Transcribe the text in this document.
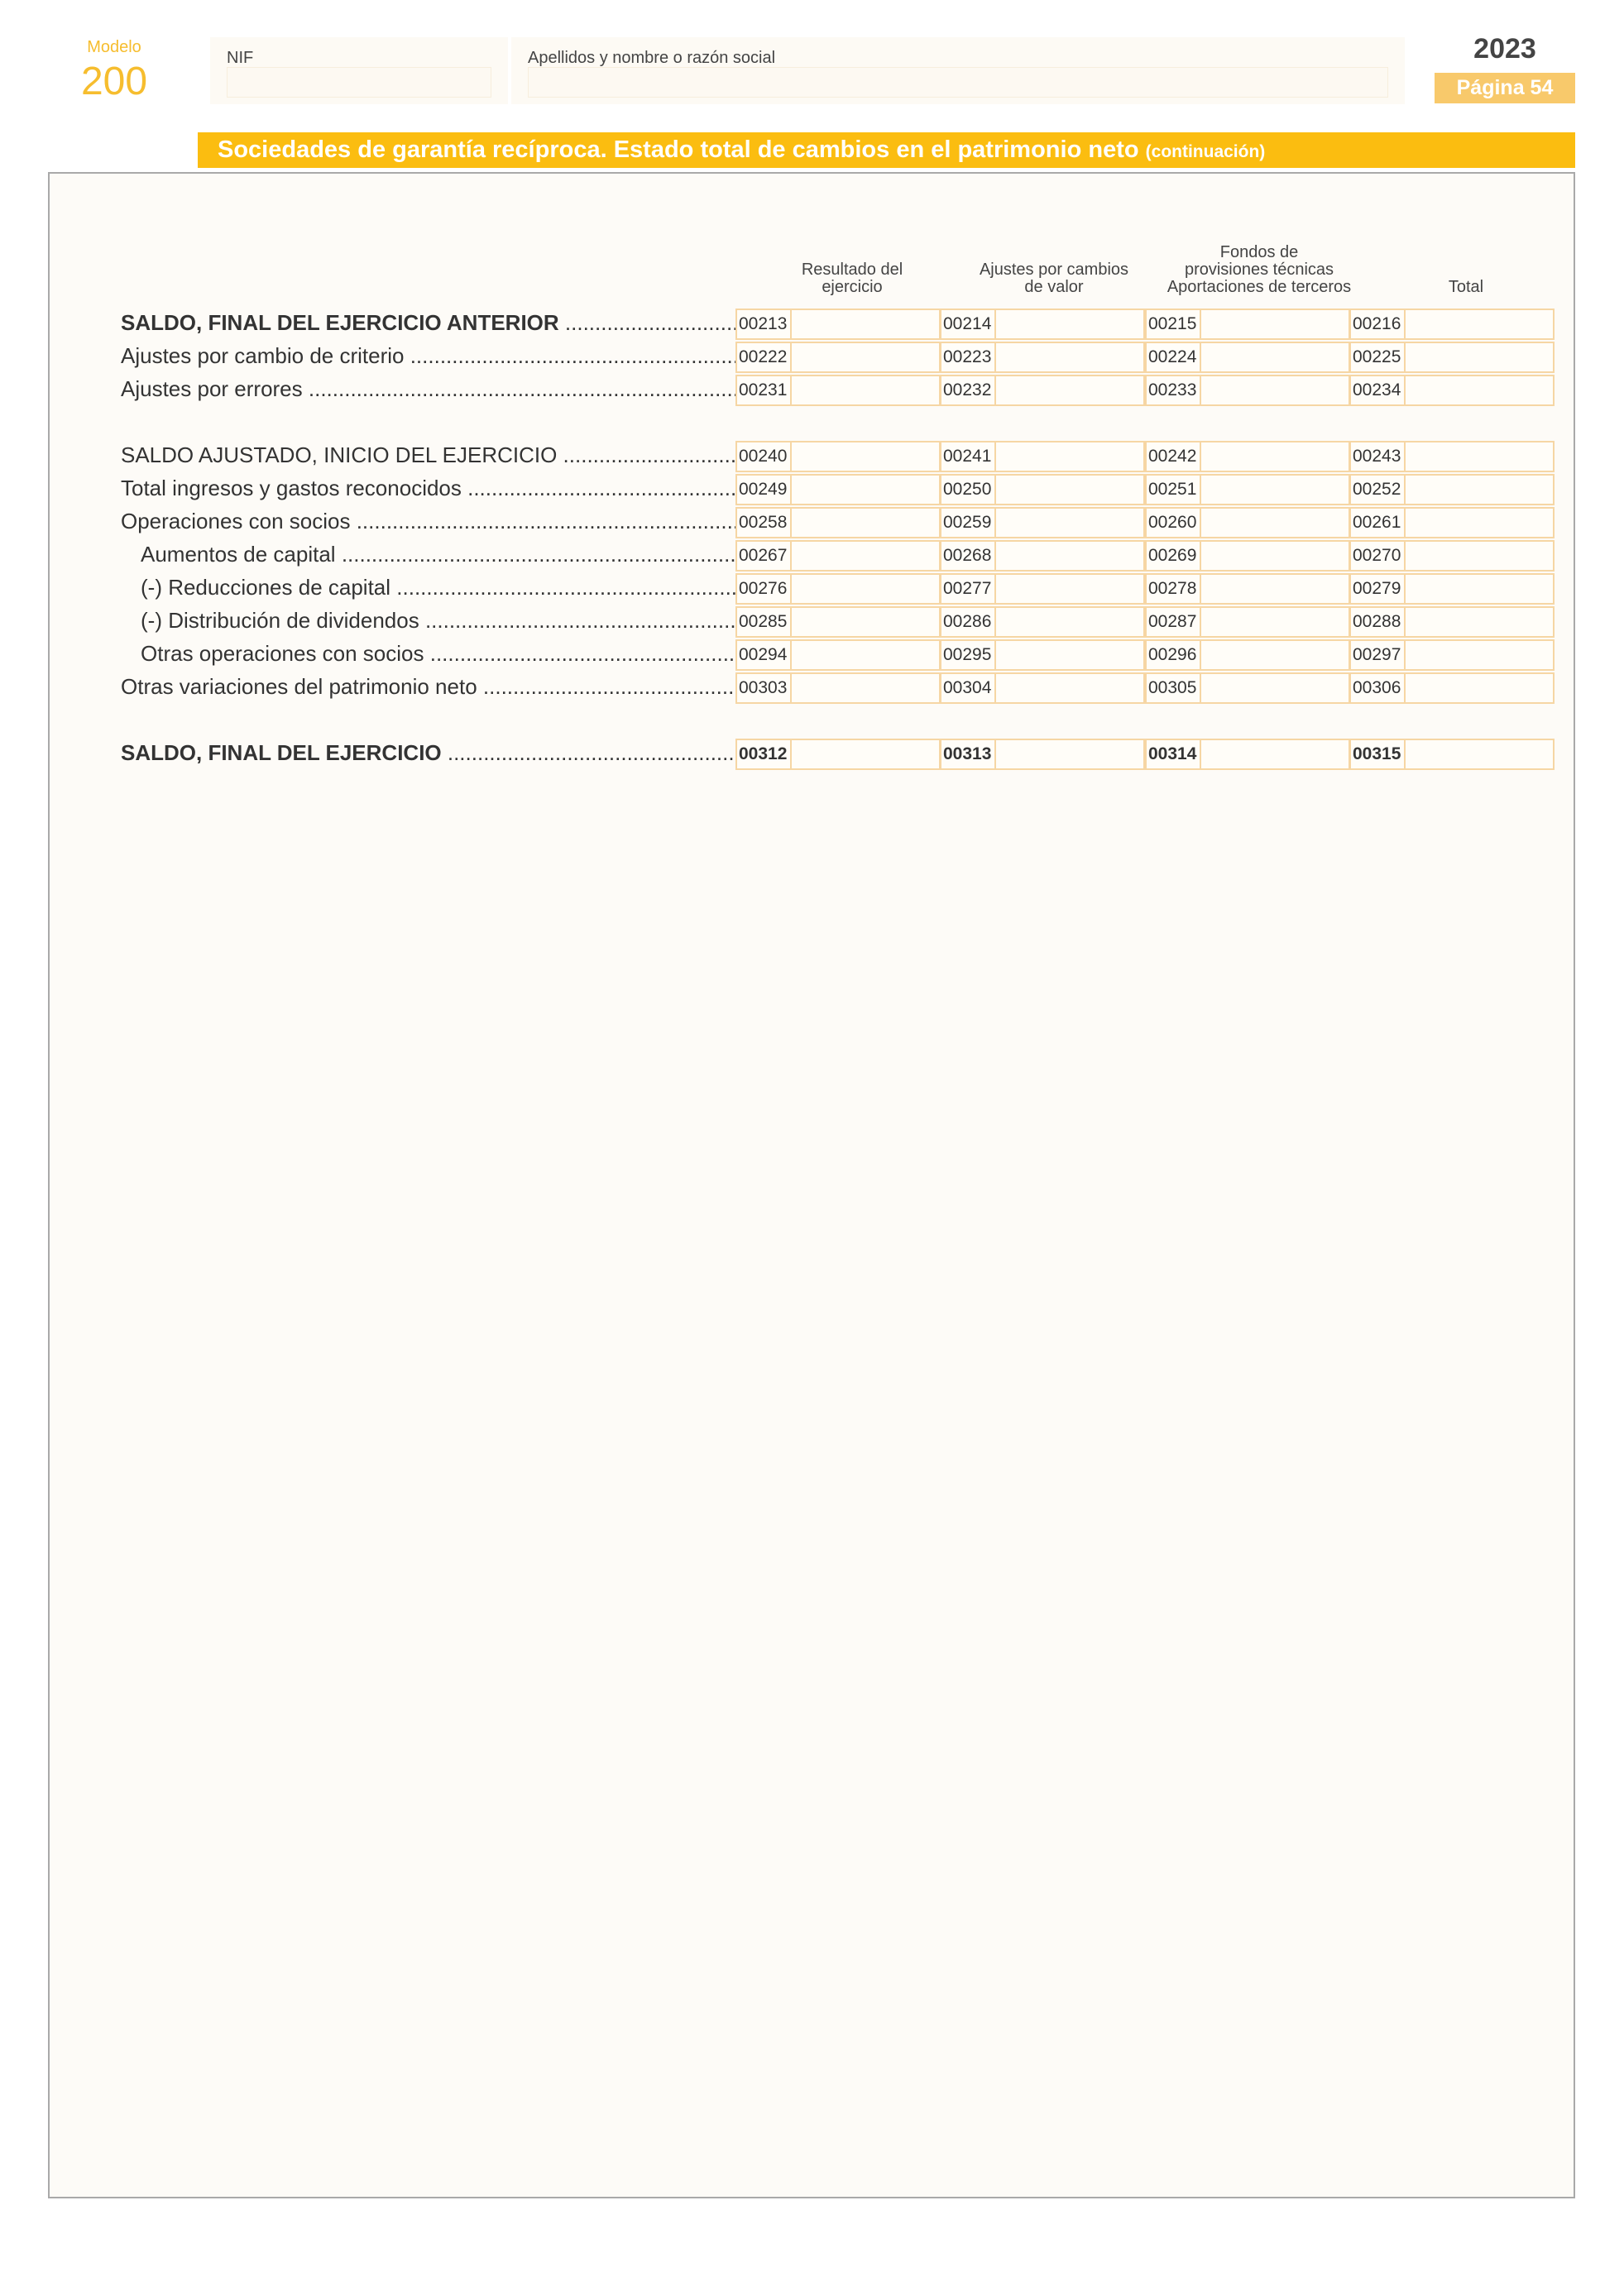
Modelo
200
NIF	Apellidos y nombre o razón social	2023
Página 54
Sociedades de garantía recíproca. Estado total de cambios en el patrimonio neto (continuación)
Resultado del
ejercicio
Ajustes por cambios
de valor
Fondos de
provisiones técnicas
Aportaciones de terceros	Total
SALDO, FINAL DEL EJERCICIO ANTERIOR .....	00213	00214	00215	00216
Ajustes por cambio de criterio .....	00222	00223	00224	00225
Ajustes por errores .....	00231	00232	00233	00234
SALDO AJUSTADO, INICIO DEL EJERCICIO .....	00240	00241	00242	00243
Total ingresos y gastos reconocidos .....	00249	00250	00251	00252
Operaciones con socios .....	00258	00259	00260	00261
Aumentos de capital .....	00267	00268	00269	00270
(-) Reducciones de capital .....	00276	00277	00278	00279
(-) Distribución de dividendos .....	00285	00286	00287	00288
Otras operaciones con socios .....	00294	00295	00296	00297
Otras variaciones del patrimonio neto .....	00303	00304	00305	00306
SALDO, FINAL DEL EJERCICIO .....	00312	00313	00314	00315
